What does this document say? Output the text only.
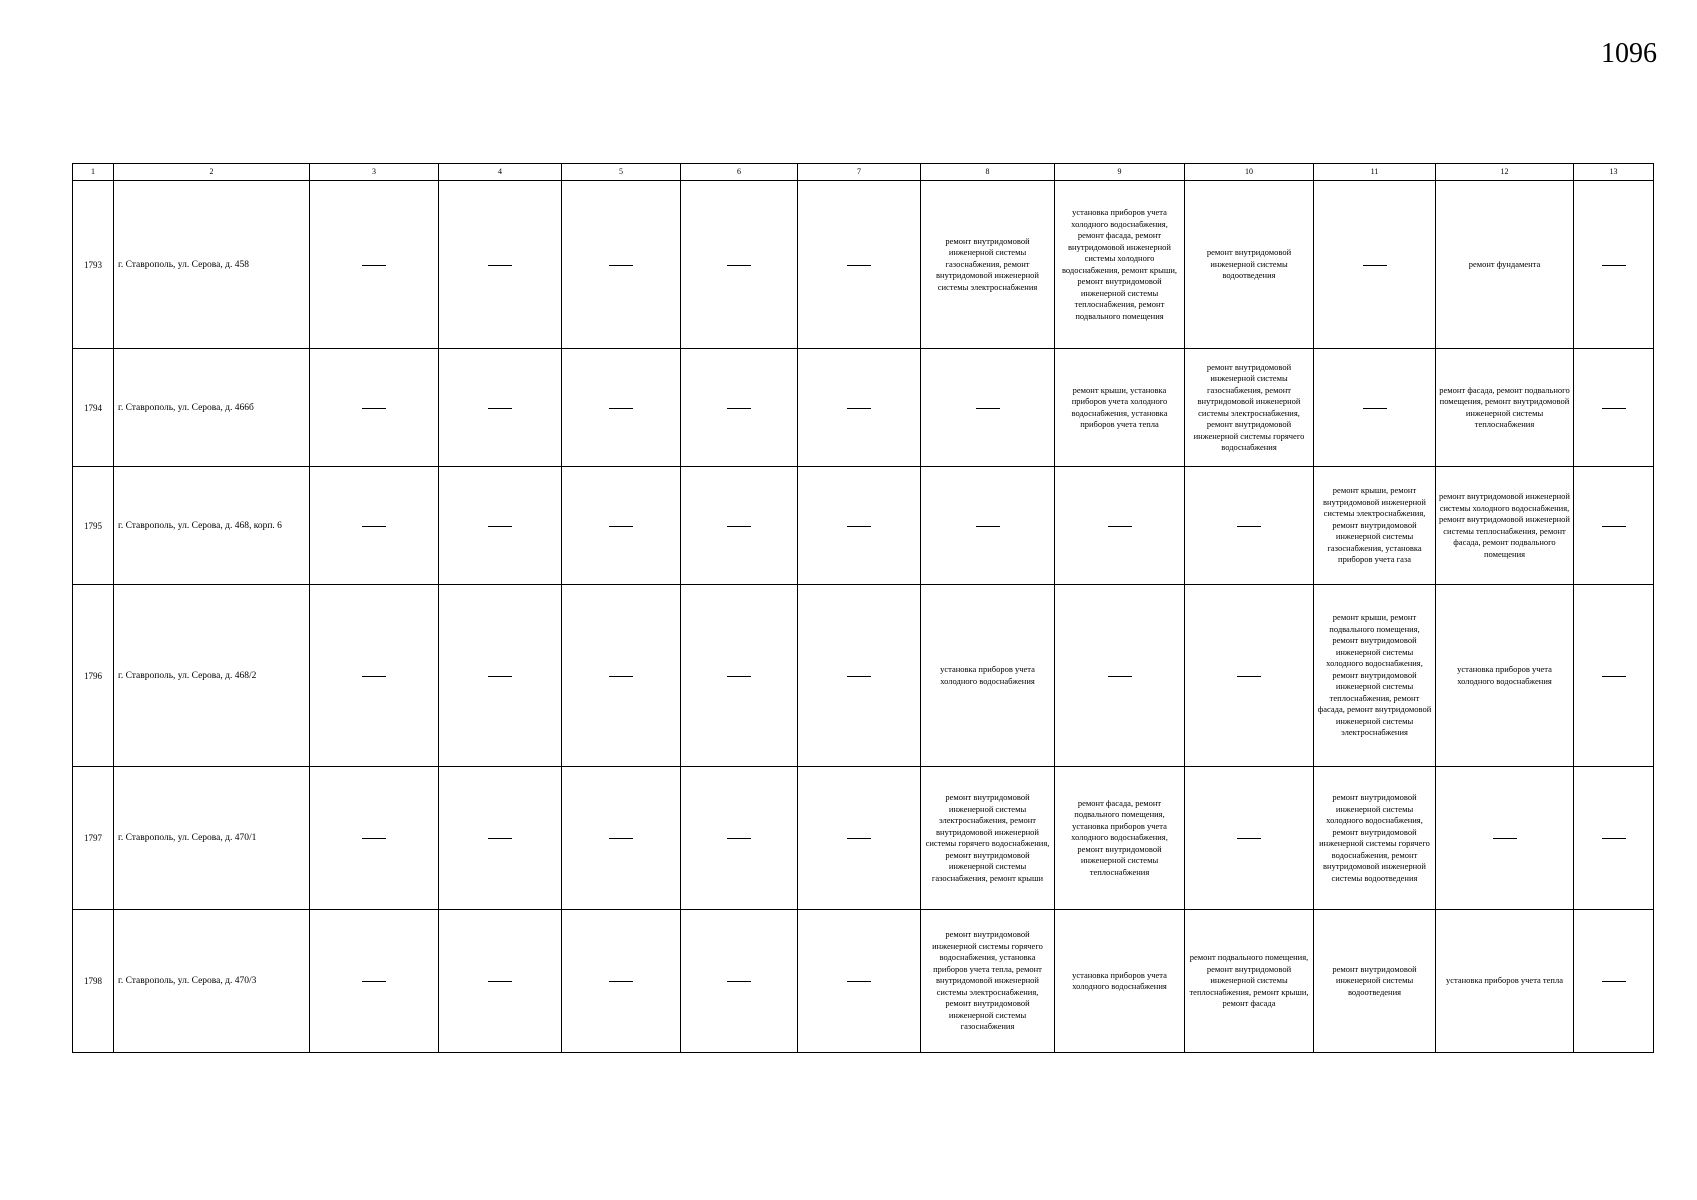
1096
1	2	3	4	5	6	7	8	9	10	11	12	13
1793	г. Ставрополь, ул. Серова, д. 458						ремонт внутридомовой инженерной системы газоснабжения, ремонт внутридомовой инженерной системы электроснабжения	установка приборов учета холодного водоснабжения, ремонт фасада, ремонт внутридомовой инженерной системы холодного водоснабжения, ремонт крыши, ремонт внутридомовой инженерной системы теплоснабжения, ремонт подвального помещения	ремонт внутридомовой инженерной системы водоотведения		ремонт фундамента	
1794	г. Ставрополь, ул. Серова, д. 466б							ремонт крыши, установка приборов учета холодного водоснабжения, установка приборов учета тепла	ремонт внутридомовой инженерной системы газоснабжения, ремонт внутридомовой инженерной системы электроснабжения, ремонт внутридомовой инженерной системы горячего водоснабжения		ремонт фасада, ремонт подвального помещения, ремонт внутридомовой инженерной системы теплоснабжения	
1795	г. Ставрополь, ул. Серова, д. 468, корп. 6									ремонт крыши, ремонт внутридомовой инженерной системы электроснабжения, ремонт внутридомовой инженерной системы газоснабжения, установка приборов учета газа	ремонт внутридомовой инженерной системы холодного водоснабжения, ремонт внутридомовой инженерной системы теплоснабжения, ремонт фасада, ремонт подвального помещения	
1796	г. Ставрополь, ул. Серова, д. 468/2						установка приборов учета холодного водоснабжения			ремонт крыши, ремонт подвального помещения, ремонт внутридомовой инженерной системы холодного водоснабжения, ремонт внутридомовой инженерной системы теплоснабжения, ремонт фасада, ремонт внутридомовой инженерной системы электроснабжения	установка приборов учета холодного водоснабжения	
1797	г. Ставрополь, ул. Серова, д. 470/1						ремонт внутридомовой инженерной системы электроснабжения, ремонт внутридомовой инженерной системы горячего водоснабжения, ремонт внутридомовой инженерной системы газоснабжения, ремонт крыши	ремонт фасада, ремонт подвального помещения, установка приборов учета холодного водоснабжения, ремонт внутридомовой инженерной системы теплоснабжения		ремонт внутридомовой инженерной системы холодного водоснабжения, ремонт внутридомовой инженерной системы горячего водоснабжения, ремонт внутридомовой инженерной системы водоотведения		
1798	г. Ставрополь, ул. Серова, д. 470/3						ремонт внутридомовой инженерной системы горячего водоснабжения, установка приборов учета тепла, ремонт внутридомовой инженерной системы электроснабжения, ремонт внутридомовой инженерной системы газоснабжения	установка приборов учета холодного водоснабжения	ремонт подвального помещения, ремонт внутридомовой инженерной системы теплоснабжения, ремонт крыши, ремонт фасада	ремонт внутридомовой инженерной системы водоотведения	установка приборов учета тепла	
